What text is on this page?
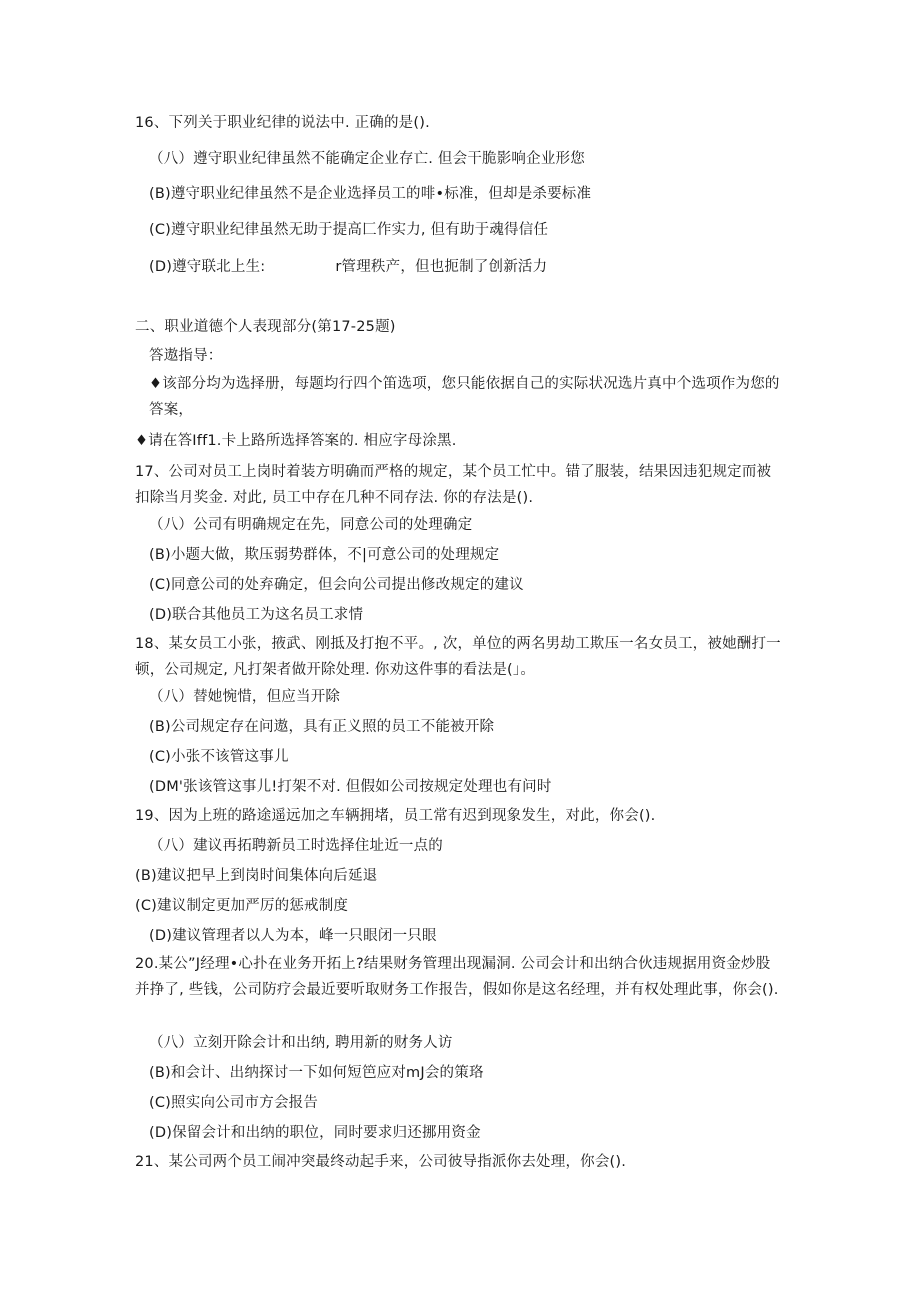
16、下列关于职业纪律的说法中. 正确的是().
（八）遵守职业纪律虽然不能确定企业存亡. 但会干脆影响企业形您
(B)遵守职业纪律虽然不是企业选择员工的啡•标准，但却是杀要标准
(C)遵守职业纪律虽然无助于提高匚作实力, 但有助于魂得信任
(D)遵守联北上生:	r管理秩产，但也扼制了创新活力
二、职业道德个人表现部分(第17-25题)
答遨指导：
♦该部分均为选择册，每题均行四个笛选项，您只能依据自己的实际状况选片真中个选项作为您的答案，
♦请在答Iff1.卡上路所选择答案的. 相应字母涂黑.
17、公司对员工上岗时着装方明确而严格的规定，某个员工忙中。错了服装，结果因违犯规定而被扣除当月奖金. 对此, 员工中存在几种不同存法. 你的存法是().
（八）公司有明确规定在先，同意公司的处理确定
(B)小题大做，欺压弱势群体，不|可意公司的处理规定
(C)同意公司的处弃确定，但会向公司提出修改规定的建议
(D)联合其他员工为这名员工求情
18、某女员工小张，掖武、刚抵及打抱不平。, 次，单位的两名男劫工欺压一名女员工，被她酬打一顿，公司规定, 凡打架者做开除处理. 你劝这件事的看法是(」。
（八）替她惋惜，但应当开除
(B)公司规定存在问遨，具有正义照的员工不能被开除
(C)小张不该管这事儿
(DM'张该管这事儿!打架不对. 但假如公司按规定处理也有问时
19、因为上班的路途遥远加之车辆拥堵，员工常有迟到现象发生，对此，你会().
（八）建议再拓聘新员工时选择住址近一点的
(B)建议把早上到岗时间集体向后延退
(C)建议制定更加严厉的惩戒制度
(D)建议管理者以人为本，峰一只眼闭一只眼
20.某公”J经理•心扑在业务开拓上?结果财务管理出现漏洞. 公司会计和出纳合伙违规据用资金炒股并挣了, 些钱，公司防疗会最近要听取财务工作报告，假如你是这名经理，并有权处理此事，你会().
（八）立刻开除会计和出纳, 聘用新的财务人访
(B)和会计、出纳探讨一下如何短笆应对mJ会的策珞
(C)照实向公司市方会报告
(D)保留会计和出纳的职位，同时要求归还挪用资金
21、某公司两个员工闹冲突最终动起手来，公司彼导指派你去处理，你会().
